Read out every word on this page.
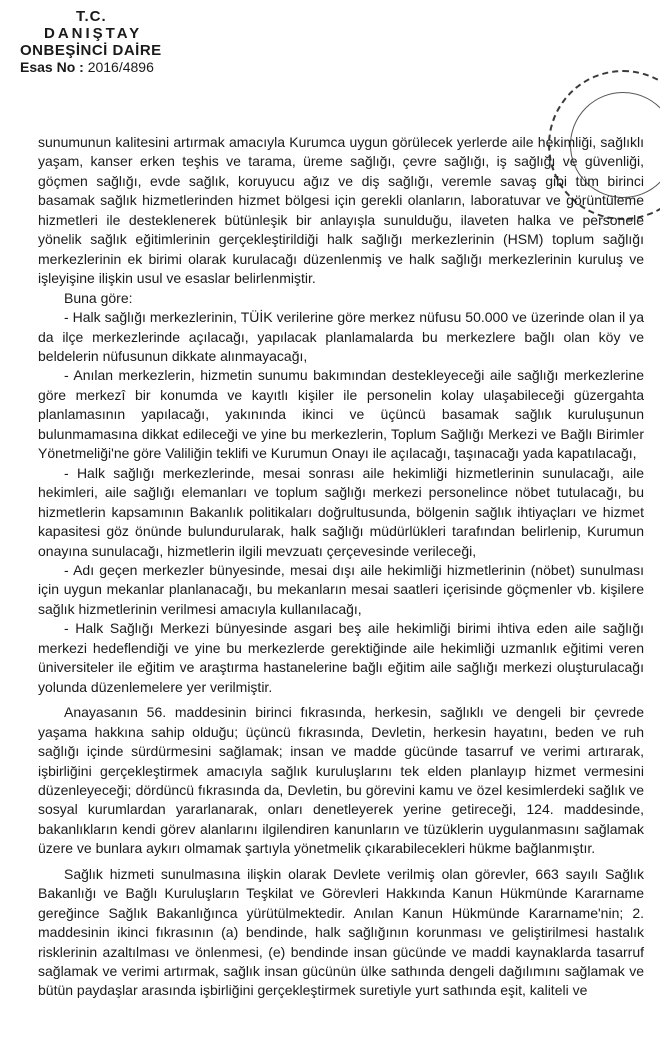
T.C.
DANIŞTAY
ONBEŞİNCİ DAİRE
Esas No : 2016/4896

sunumunun kalitesini artırmak amacıyla Kurumca uygun görülecek yerlerde aile hekimliği, sağlıklı yaşam, kanser erken teşhis ve tarama, üreme sağlığı, çevre sağlığı, iş sağlığı ve güvenliği, göçmen sağlığı, evde sağlık, koruyucu ağız ve diş sağlığı, veremle savaş gibi tüm birinci basamak sağlık hizmetlerinden hizmet bölgesi için gerekli olanların, laboratuvar ve görüntüleme hizmetleri ile desteklenerek bütünleşik bir anlayışla sunulduğu, ilaveten halka ve personele yönelik sağlık eğitimlerinin gerçekleştirildiği halk sağlığı merkezlerinin (HSM) toplum sağlığı merkezlerinin ek birimi olarak kurulacağı düzenlenmiş ve halk sağlığı merkezlerinin kuruluş ve işleyişine ilişkin usul ve esaslar belirlenmiştir.

Buna göre:

- Halk sağlığı merkezlerinin, TÜİK verilerine göre merkez nüfusu 50.000 ve üzerinde olan il ya da ilçe merkezlerinde açılacağı, yapılacak planlamalarda bu merkezlere bağlı olan köy ve beldelerin nüfusunun dikkate alınmayacağı,

- Anılan merkezlerin, hizmetin sunumu bakımından destekleyeceği aile sağlığı merkezlerine göre merkezî bir konumda ve kayıtlı kişiler ile personelin kolay ulaşabileceği güzergahta planlamasının yapılacağı, yakınında ikinci ve üçüncü basamak sağlık kuruluşunun bulunmamasına dikkat edileceği ve yine bu merkezlerin, Toplum Sağlığı Merkezi ve Bağlı Birimler Yönetmeliği'ne göre Valiliğin teklifi ve Kurumun Onayı ile açılacağı, taşınacağı yada kapatılacağı,

- Halk sağlığı merkezlerinde, mesai sonrası aile hekimliği hizmetlerinin sunulacağı, aile hekimleri, aile sağlığı elemanları ve toplum sağlığı merkezi personelince nöbet tutulacağı, bu hizmetlerin kapsamının Bakanlık politikaları doğrultusunda, bölgenin sağlık ihtiyaçları ve hizmet kapasitesi göz önünde bulundurularak, halk sağlığı müdürlükleri tarafından belirlenip, Kurumun onayına sunulacağı, hizmetlerin ilgili mevzuatı çerçevesinde verileceği,

- Adı geçen merkezler bünyesinde, mesai dışı aile hekimliği hizmetlerinin (nöbet) sunulması için uygun mekanlar planlanacağı, bu mekanların mesai saatleri içerisinde göçmenler vb. kişilere sağlık hizmetlerinin verilmesi amacıyla kullanılacağı,

- Halk Sağlığı Merkezi bünyesinde asgari beş aile hekimliği birimi ihtiva eden aile sağlığı merkezi hedeflendiği ve yine bu merkezlerde gerektiğinde aile hekimliği uzmanlık eğitimi veren üniversiteler ile eğitim ve araştırma hastanelerine bağlı eğitim aile sağlığı merkezi oluşturulacağı yolunda düzenlemelere yer verilmiştir.

Anayasanın 56. maddesinin birinci fıkrasında, herkesin, sağlıklı ve dengeli bir çevrede yaşama hakkına sahip olduğu; üçüncü fıkrasında, Devletin, herkesin hayatını, beden ve ruh sağlığı içinde sürdürmesini sağlamak; insan ve madde gücünde tasarruf ve verimi artırarak, işbirliğini gerçekleştirmek amacıyla sağlık kuruluşlarını tek elden planlayıp hizmet vermesini düzenleyeceği; dördüncü fıkrasında da, Devletin, bu görevini kamu ve özel kesimlerdeki sağlık ve sosyal kurumlardan yararlanarak, onları denetleyerek yerine getireceği, 124. maddesinde, bakanlıkların kendi görev alanlarını ilgilendiren kanunların ve tüzüklerin uygulanmasını sağlamak üzere ve bunlara aykırı olmamak şartıyla yönetmelik çıkarabilecekleri hükme bağlanmıştır.

Sağlık hizmeti sunulmasına ilişkin olarak Devlete verilmiş olan görevler, 663 sayılı Sağlık Bakanlığı ve Bağlı Kuruluşların Teşkilat ve Görevleri Hakkında Kanun Hükmünde Kararname gereğince Sağlık Bakanlığınca yürütülmektedir. Anılan Kanun Hükmünde Kararname'nin; 2. maddesinin ikinci fıkrasının (a) bendinde, halk sağlığının korunması ve geliştirilmesi hastalık risklerinin azaltılması ve önlenmesi, (e) bendinde insan gücünde ve maddi kaynaklarda tasarruf sağlamak ve verimi artırmak, sağlık insan gücünün ülke sathında dengeli dağılımını sağlamak ve bütün paydaşlar arasında işbirliğini gerçekleştirmek suretiyle yurt sathında eşit, kaliteli ve
